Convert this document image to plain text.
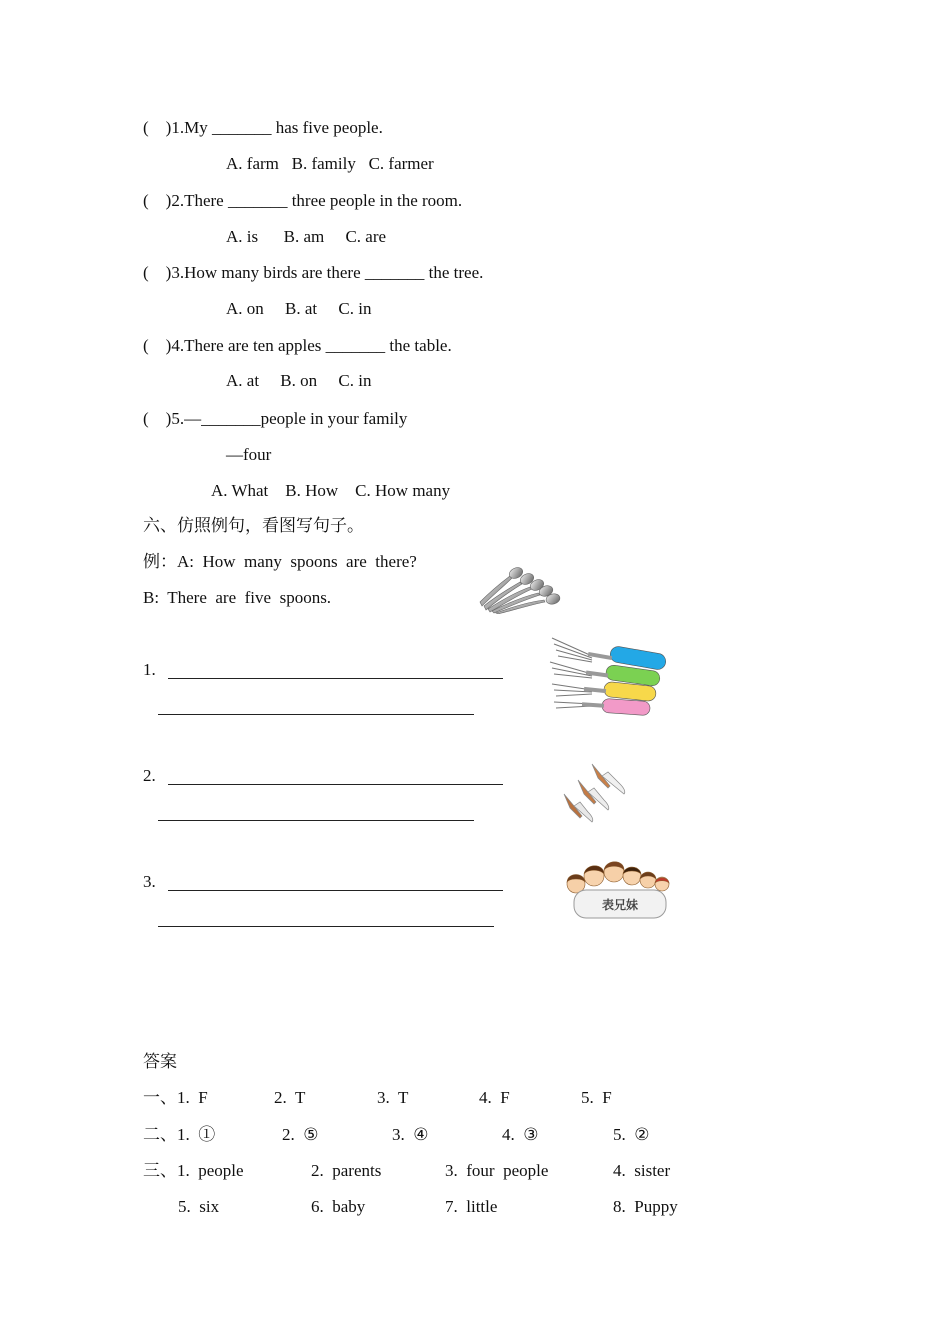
(    )1.My _______ has five people.
A. farm   B. family   C. farmer
(    )2.There _______ three people in the room.
A. is      B. am     C. are
(    )3.How many birds are there _______ the tree.
A. on     B. at     C. in
(    )4.There are ten apples _______ the table.
A. at     B. on     C. in
(    )5.—_______people in your family
—four
A. What    B. How    C. How many
六、仿照例句，看图写句子。
例：A:  How  many  spoons  are  there?
B:  There  are  five  spoons.
1.
2.
3.
表兄妹
答案
一、1.  F	2.  T	3.  T	4.  F	5.  F
二、1.  ①	2.  ⑤	3.  ④	4.  ③	5.  ②
三、1.  people	2.  parents	3.  four  people	4.  sister
5.  six	6.  baby	7.  little	8.  Puppy
